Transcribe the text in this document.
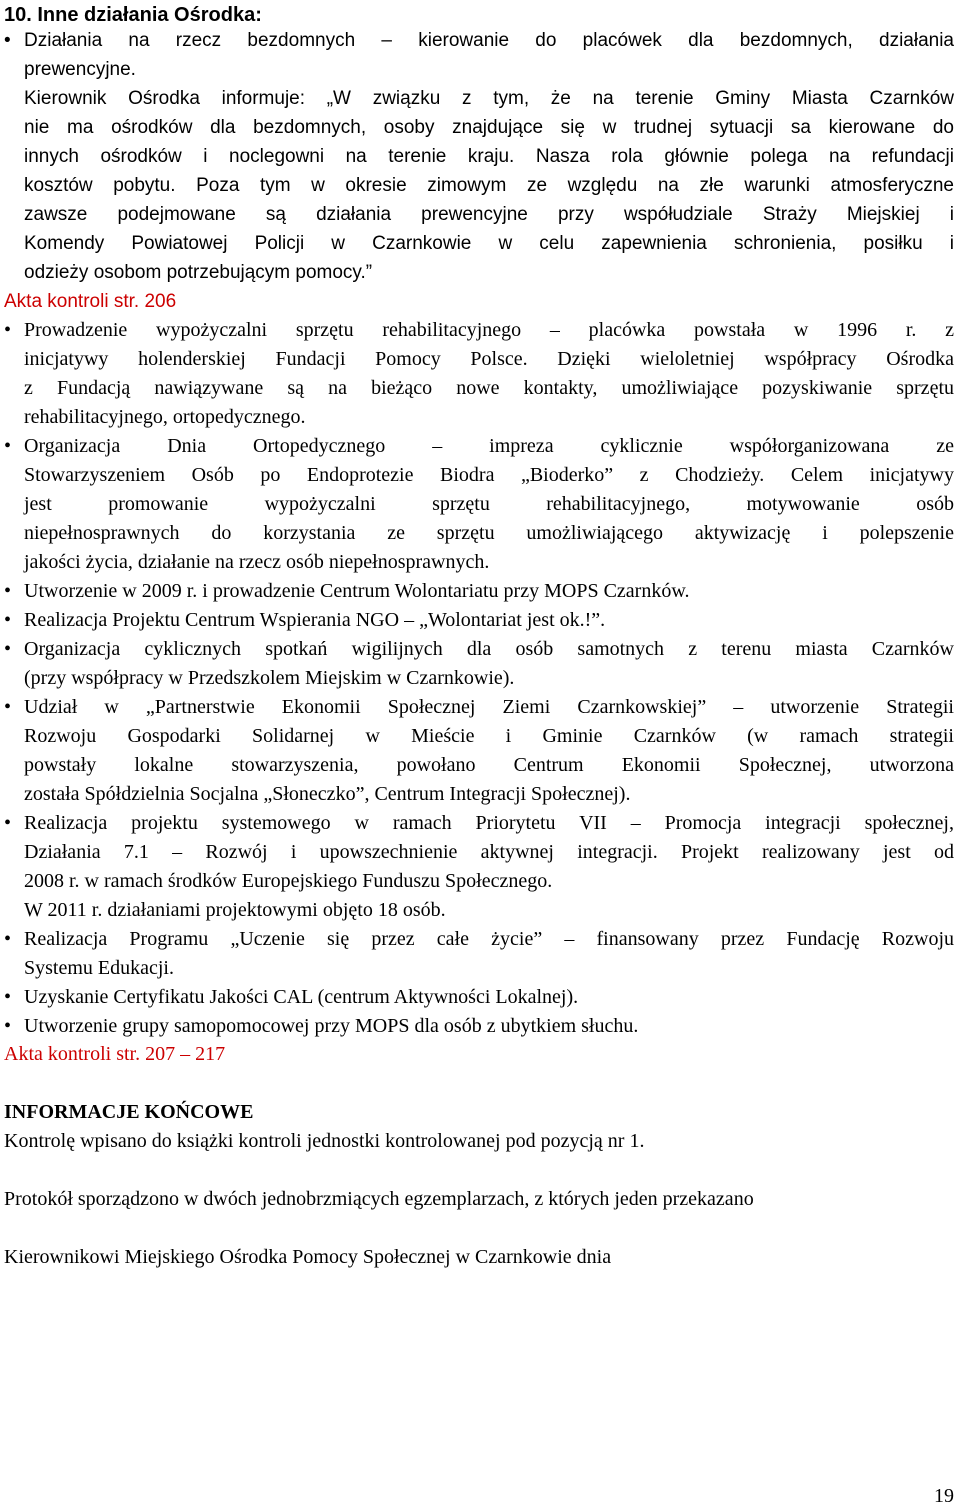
10. Inne działania Ośrodka:
• Działania na rzecz bezdomnych – kierowanie do placówek dla bezdomnych, działania
prewencyjne.
Kierownik Ośrodka informuje: „W związku z tym, że na terenie Gminy Miasta Czarnków
nie ma ośrodków dla bezdomnych, osoby znajdujące się w trudnej sytuacji sa kierowane do
innych ośrodków i noclegowni na terenie kraju. Nasza rola głównie polega na refundacji
kosztów pobytu. Poza tym w okresie zimowym ze względu na złe warunki atmosferyczne
zawsze podejmowane są działania prewencyjne przy współudziale Straży Miejskiej i
Komendy Powiatowej Policji w Czarnkowie w celu zapewnienia schronienia, posiłku i
odzieży osobom potrzebującym pomocy.”
Akta kontroli str. 206
• Prowadzenie wypożyczalni sprzętu rehabilitacyjnego – placówka powstała w 1996 r. z
inicjatywy holenderskiej Fundacji Pomocy Polsce. Dzięki wieloletniej współpracy Ośrodka
z Fundacją nawiązywane są na bieżąco nowe kontakty, umożliwiające pozyskiwanie sprzętu
rehabilitacyjnego, ortopedycznego.
• Organizacja Dnia Ortopedycznego – impreza cyklicznie współorganizowana ze
Stowarzyszeniem Osób po Endoprotezie Biodra „Bioderko” z Chodzieży. Celem inicjatywy
jest promowanie wypożyczalni sprzętu rehabilitacyjnego, motywowanie osób
niepełnosprawnych do korzystania ze sprzętu umożliwiającego aktywizację i polepszenie
jakości życia, działanie na rzecz osób niepełnosprawnych.
• Utworzenie w 2009 r. i prowadzenie Centrum Wolontariatu przy MOPS Czarnków.
• Realizacja Projektu Centrum Wspierania NGO – „Wolontariat jest ok.!”.
• Organizacja cyklicznych spotkań wigilijnych dla osób samotnych z terenu miasta Czarnków
(przy współpracy w Przedszkolem Miejskim w Czarnkowie).
• Udział w „Partnerstwie Ekonomii Społecznej Ziemi Czarnkowskiej” – utworzenie Strategii
Rozwoju Gospodarki Solidarnej w Mieście i Gminie Czarnków (w ramach strategii
powstały lokalne stowarzyszenia, powołano Centrum Ekonomii Społecznej, utworzona
została Spółdzielnia Socjalna „Słoneczko”, Centrum Integracji Społecznej).
• Realizacja projektu systemowego w ramach Priorytetu VII – Promocja integracji społecznej,
Działania 7.1 – Rozwój i upowszechnienie aktywnej integracji. Projekt realizowany jest od
2008 r. w ramach środków Europejskiego Funduszu Społecznego.
W 2011 r. działaniami projektowymi objęto 18 osób.
• Realizacja Programu „Uczenie się przez całe życie” – finansowany przez Fundację Rozwoju
Systemu Edukacji.
• Uzyskanie Certyfikatu Jakości CAL (centrum Aktywności Lokalnej).
• Utworzenie grupy samopomocowej przy MOPS dla osób z ubytkiem słuchu.
Akta kontroli str. 207 – 217
INFORMACJE KOŃCOWE
Kontrolę wpisano do książki kontroli jednostki kontrolowanej pod pozycją nr 1.
Protokół sporządzono w dwóch jednobrzmiących egzemplarzach, z których jeden przekazano
Kierownikowi Miejskiego Ośrodka Pomocy Społecznej w Czarnkowie dnia
19
